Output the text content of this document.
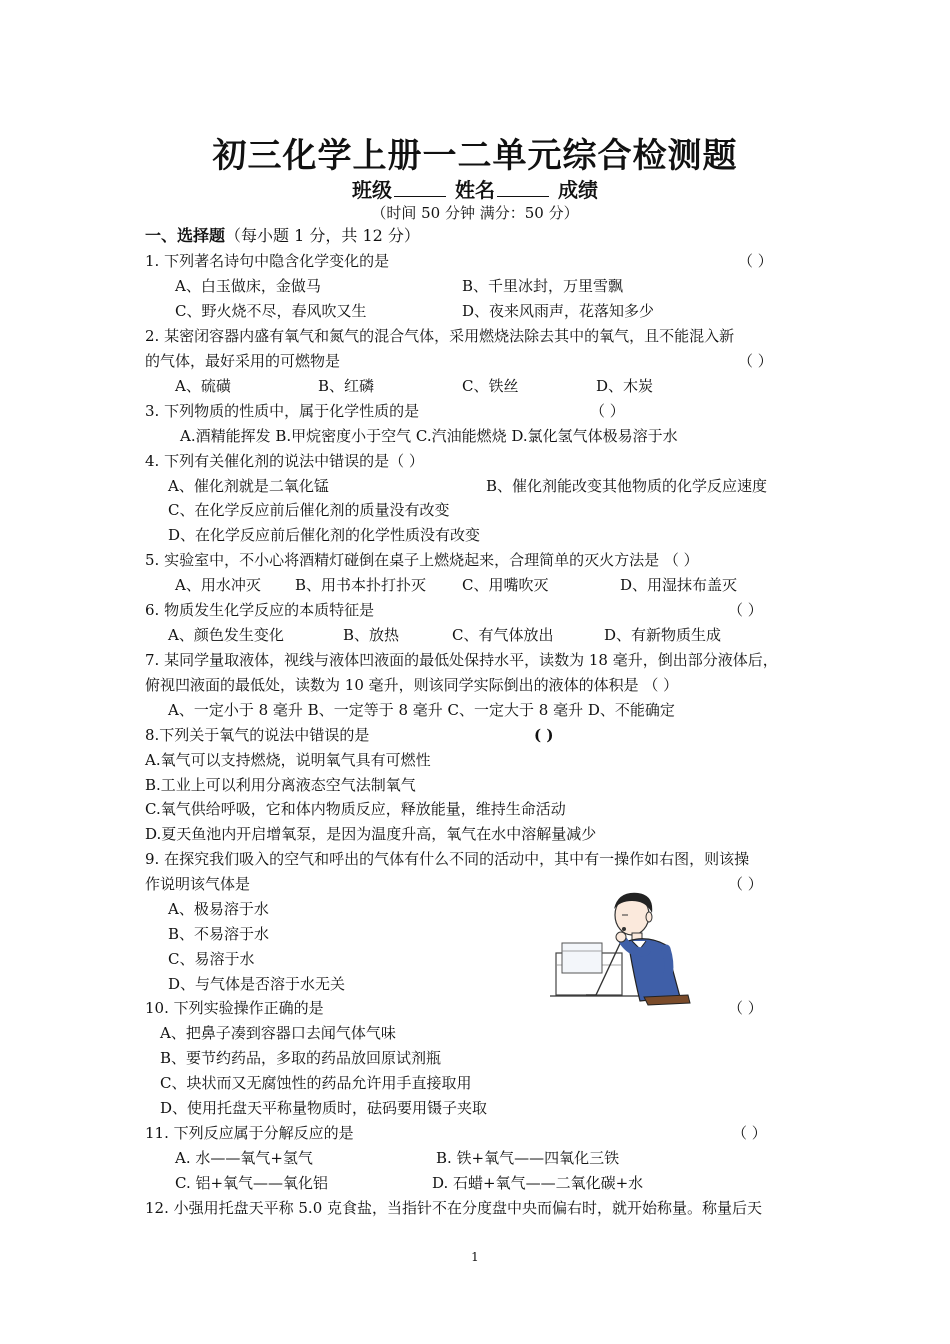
初三化学上册一二单元综合检测题
班级	姓名	成绩
（时间 50 分钟 满分：50 分）
一、选择题（每小题 1 分，共 12 分）
1. 下列著名诗句中隐含化学变化的是	（ ）
A、白玉做床，金做马	B、千里冰封，万里雪飘
C、野火烧不尽，春风吹又生	D、夜来风雨声，花落知多少
2. 某密闭容器内盛有氧气和氮气的混合气体，采用燃烧法除去其中的氧气，且不能混入新
的气体，最好采用的可燃物是	（ ）
A、硫磺	B、红磷	C、铁丝	D、木炭
3. 下列物质的性质中，属于化学性质的是	（ ）
A.酒精能挥发 B.甲烷密度小于空气 C.汽油能燃烧 D.氯化氢气体极易溶于水
4. 下列有关催化剂的说法中错误的是（ ）
A、催化剂就是二氧化锰	B、催化剂能改变其他物质的化学反应速度
C、在化学反应前后催化剂的质量没有改变
D、在化学反应前后催化剂的化学性质没有改变
5. 实验室中，不小心将酒精灯碰倒在桌子上燃烧起来，合理简单的灭火方法是 （ ）
A、用水冲灭 B、用书本扑打扑灭 C、用嘴吹灭	D、用湿抹布盖灭
6. 物质发生化学反应的本质特征是	（ ）
A、颜色发生变化	B、放热	C、有气体放出	D、有新物质生成
7. 某同学量取液体，视线与液体凹液面的最低处保持水平，读数为 18 毫升，倒出部分液体后，
俯视凹液面的最低处，读数为 10 毫升，则该同学实际倒出的液体的体积是 （ ）
A、一定小于 8 毫升 B、一定等于 8 毫升 C、一定大于 8 毫升 D、不能确定
8.下列关于氧气的说法中错误的是	( )
A.氧气可以支持燃烧，说明氧气具有可燃性
B.工业上可以利用分离液态空气法制氧气
C.氧气供给呼吸，它和体内物质反应，释放能量，维持生命活动
D.夏天鱼池内开启增氧泵，是因为温度升高，氧气在水中溶解量减少
9. 在探究我们吸入的空气和呼出的气体有什么不同的活动中，其中有一操作如右图，则该操
作说明该气体是	（ ）
A、极易溶于水
B、不易溶于水
C、易溶于水
D、与气体是否溶于水无关
10. 下列实验操作正确的是	（ ）
A、把鼻子凑到容器口去闻气体气味
B、要节约药品，多取的药品放回原试剂瓶
C、块状而又无腐蚀性的药品允许用手直接取用
D、使用托盘天平称量物质时，砝码要用镊子夹取
11. 下列反应属于分解反应的是	（ ）
A. 水——氧气+氢气	B. 铁+氧气——四氧化三铁
C. 铝+氧气——氧化铝	D. 石蜡+氧气——二氧化碳+水
12. 小强用托盘天平称 5.0 克食盐，当指针不在分度盘中央而偏右时，就开始称量。称量后天
1
